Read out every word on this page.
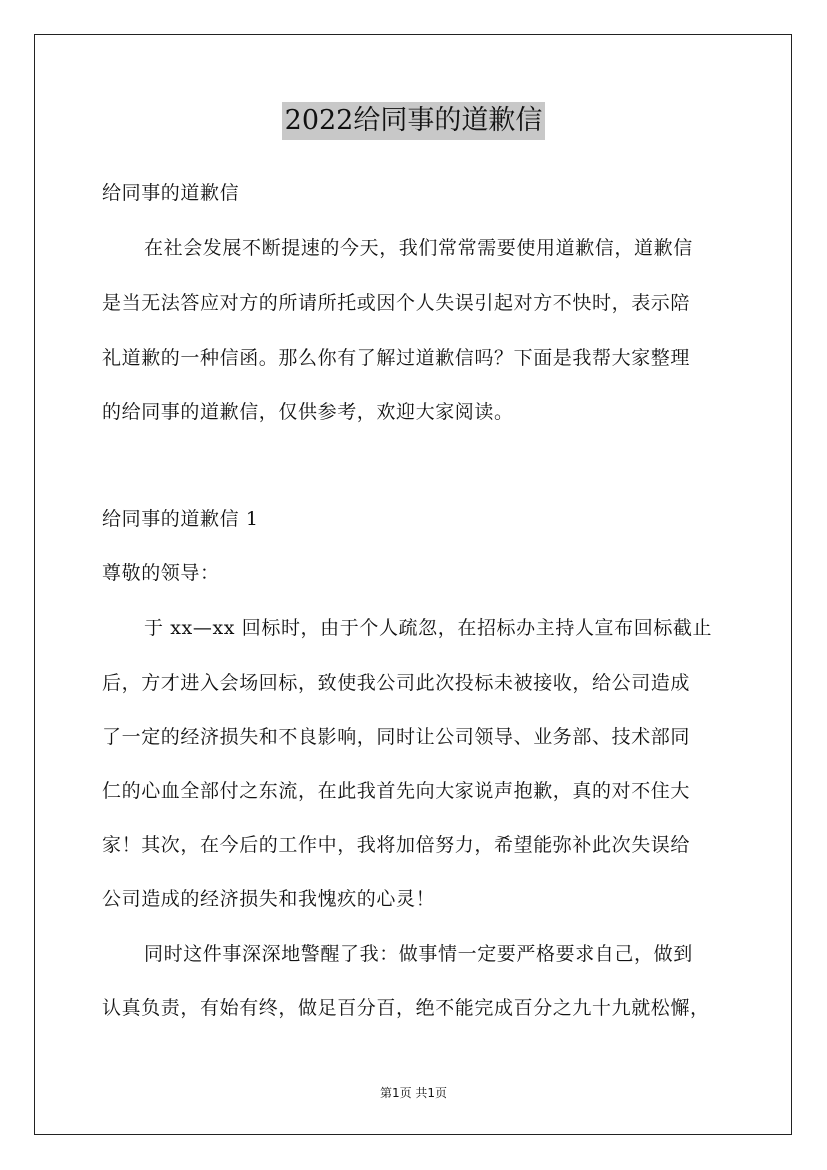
2022给同事的道歉信
给同事的道歉信
在社会发展不断提速的今天，我们常常需要使用道歉信，道歉信
是当无法答应对方的所请所托或因个人失误引起对方不快时，表示陪
礼道歉的一种信函。那么你有了解过道歉信吗？下面是我帮大家整理
的给同事的道歉信，仅供参考，欢迎大家阅读。
给同事的道歉信 1
尊敬的领导：
于 xx—xx 回标时，由于个人疏忽，在招标办主持人宣布回标截止
后，方才进入会场回标，致使我公司此次投标未被接收，给公司造成
了一定的经济损失和不良影响，同时让公司领导、业务部、技术部同
仁的心血全部付之东流，在此我首先向大家说声抱歉，真的对不住大
家！其次，在今后的工作中，我将加倍努力，希望能弥补此次失误给
公司造成的经济损失和我愧疚的心灵！
同时这件事深深地警醒了我：做事情一定要严格要求自己，做到
认真负责，有始有终，做足百分百，绝不能完成百分之九十九就松懈，
第1页 共1页
